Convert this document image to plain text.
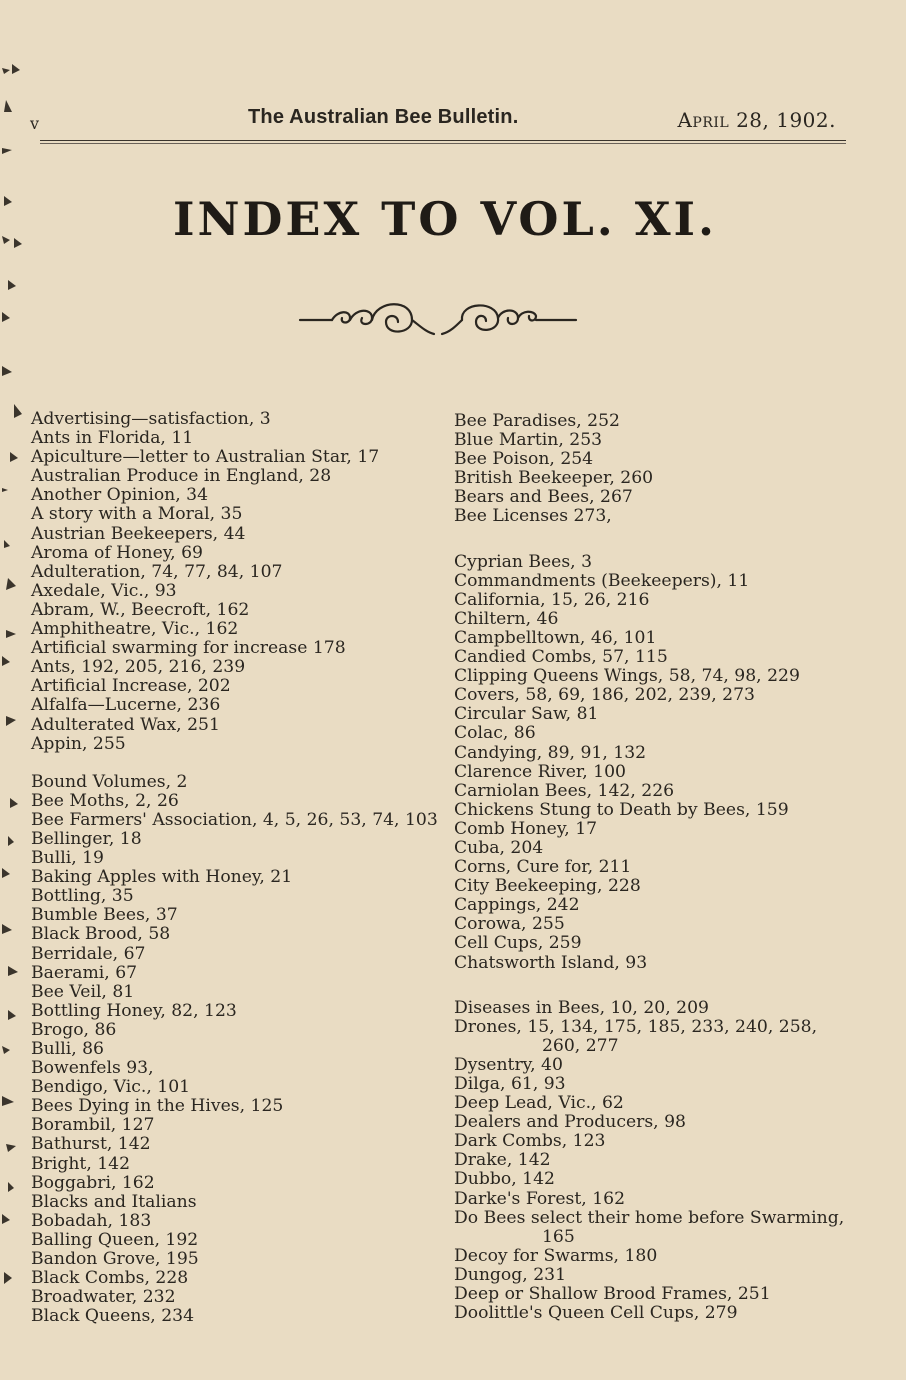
v	The Australian Bee Bulletin.	April 28, 1902.
INDEX TO VOL. XI.
Advertising—satisfaction, 3
Ants in Florida, 11
Apiculture—letter to Australian Star, 17
Australian Produce in England, 28
Another Opinion, 34
A story with a Moral, 35
Austrian Beekeepers, 44
Aroma of Honey, 69
Adulteration, 74, 77, 84, 107
Axedale, Vic., 93
Abram, W., Beecroft, 162
Amphitheatre, Vic., 162
Artificial swarming for increase 178
Ants, 192, 205, 216, 239
Artificial Increase, 202
Alfalfa—Lucerne, 236
Adulterated Wax, 251
Appin, 255
Bound Volumes, 2
Bee Moths, 2, 26
Bee Farmers' Association, 4, 5, 26, 53, 74, 103
Bellinger, 18
Bulli, 19
Baking Apples with Honey, 21
Bottling, 35
Bumble Bees, 37
Black Brood, 58
Berridale, 67
Baerami, 67
Bee Veil, 81
Bottling Honey, 82, 123
Brogo, 86
Bulli, 86
Bowenfels 93,
Bendigo, Vic., 101
Bees Dying in the Hives, 125
Borambil, 127
Bathurst, 142
Bright, 142
Boggabri, 162
Blacks and Italians
Bobadah, 183
Balling Queen, 192
Bandon Grove, 195
Black Combs, 228
Broadwater, 232
Black Queens, 234
Bee Paradises, 252
Blue Martin, 253
Bee Poison, 254
British Beekeeper, 260
Bears and Bees, 267
Bee Licenses 273,
Cyprian Bees, 3
Commandments (Beekeepers), 11
California, 15, 26, 216
Chiltern, 46
Campbelltown, 46, 101
Candied Combs, 57, 115
Clipping Queens Wings, 58, 74, 98, 229
Covers, 58, 69, 186, 202, 239, 273
Circular Saw, 81
Colac, 86
Candying, 89, 91, 132
Clarence River, 100
Carniolan Bees, 142, 226
Chickens Stung to Death by Bees, 159
Comb Honey, 17
Cuba, 204
Corns, Cure for, 211
City Beekeeping, 228
Cappings, 242
Corowa, 255
Cell Cups, 259
Chatsworth Island, 93
Diseases in Bees, 10, 20, 209
Drones, 15, 134, 175, 185, 233, 240, 258, 260, 277
Dysentry, 40
Dilga, 61, 93
Deep Lead, Vic., 62
Dealers and Producers, 98
Dark Combs, 123
Drake, 142
Dubbo, 142
Darke's Forest, 162
Do Bees select their home before Swarming, 165
Decoy for Swarms, 180
Dungog, 231
Deep or Shallow Brood Frames, 251
Doolittle's Queen Cell Cups, 279
